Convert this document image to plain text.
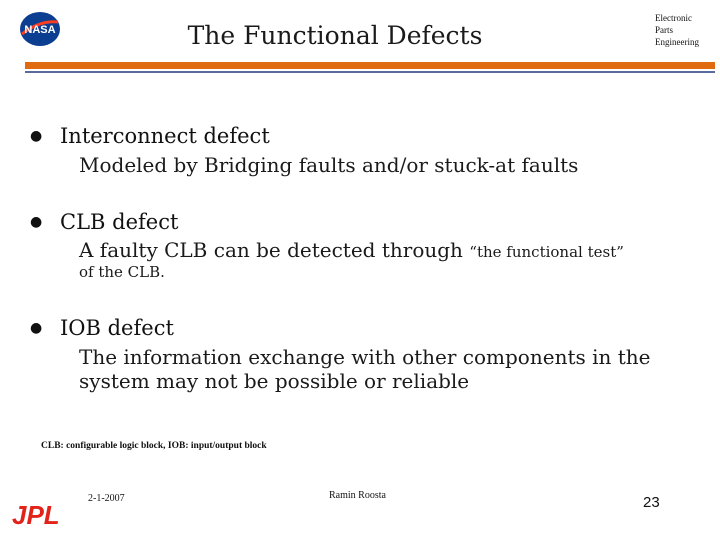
NASA	The Functional Defects
Electronic
Parts
Engineering
● Interconnect defect
Modeled by Bridging faults and/or stuck-at faults
● CLB defect
A faulty CLB can be detected through “the functional test”
of the CLB.
● IOB defect
The information exchange with other components in the
system may not be possible or reliable
CLB: configurable logic block, IOB: input/output block
JPL
2-1-2007	Ramin Roosta	23
